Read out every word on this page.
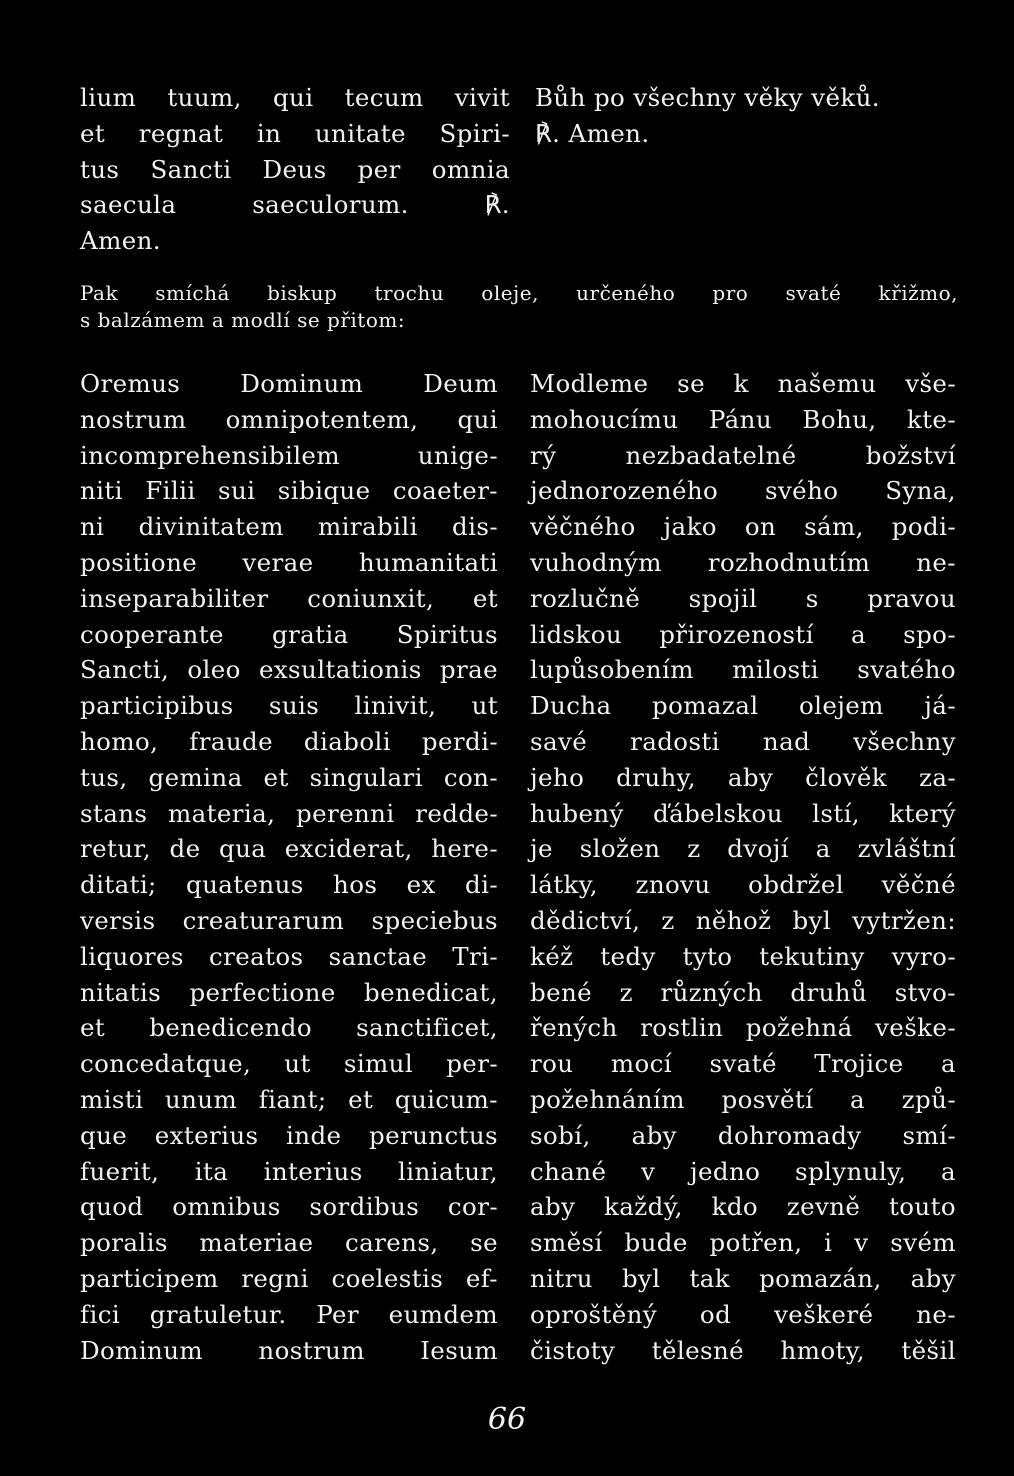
lium tuum, qui tecum vivit
et regnat in unitate Spiri-
tus Sancti Deus per omnia
saecula saeculorum. ℟.
Amen.
Bůh po všechny věky věků.
℟. Amen.
Pak smíchá biskup trochu oleje, určeného pro svaté křižmo,
s balzámem a modlí se přitom:
Oremus Dominum Deum
nostrum omnipotentem, qui
incomprehensibilem unige-
niti Filii sui sibique coaeter-
ni divinitatem mirabili dis-
positione verae humanitati
inseparabiliter coniunxit, et
cooperante gratia Spiritus
Sancti, oleo exsultationis prae
participibus suis linivit, ut
homo, fraude diaboli perdi-
tus, gemina et singulari con-
stans materia, perenni redde-
retur, de qua exciderat, here-
ditati; quatenus hos ex di-
versis creaturarum speciebus
liquores creatos sanctae Tri-
nitatis perfectione benedicat,
et benedicendo sanctificet,
concedatque, ut simul per-
misti unum fiant; et quicum-
que exterius inde perunctus
fuerit, ita interius liniatur,
quod omnibus sordibus cor-
poralis materiae carens, se
participem regni coelestis ef-
fici gratuletur. Per eumdem
Dominum nostrum Iesum
Modleme se k našemu vše-
mohoucímu Pánu Bohu, kte-
rý nezbadatelné božství
jednorozeného svého Syna,
věčného jako on sám, podi-
vuhodným rozhodnutím ne-
rozlučně spojil s pravou
lidskou přirozeností a spo-
lupůsobením milosti svatého
Ducha pomazal olejem já-
savé radosti nad všechny
jeho druhy, aby člověk za-
hubený ďábelskou lstí, který
je složen z dvojí a zvláštní
látky, znovu obdržel věčné
dědictví, z něhož byl vytržen:
kéž tedy tyto tekutiny vyro-
bené z různých druhů stvo-
řených rostlin požehná veške-
rou mocí svaté Trojice a
požehnáním posvětí a způ-
sobí, aby dohromady smí-
chané v jedno splynuly, a
aby každý, kdo zevně touto
směsí bude potřen, i v svém
nitru byl tak pomazán, aby
oproštěný od veškeré ne-
čistoty tělesné hmoty, těšil
66
